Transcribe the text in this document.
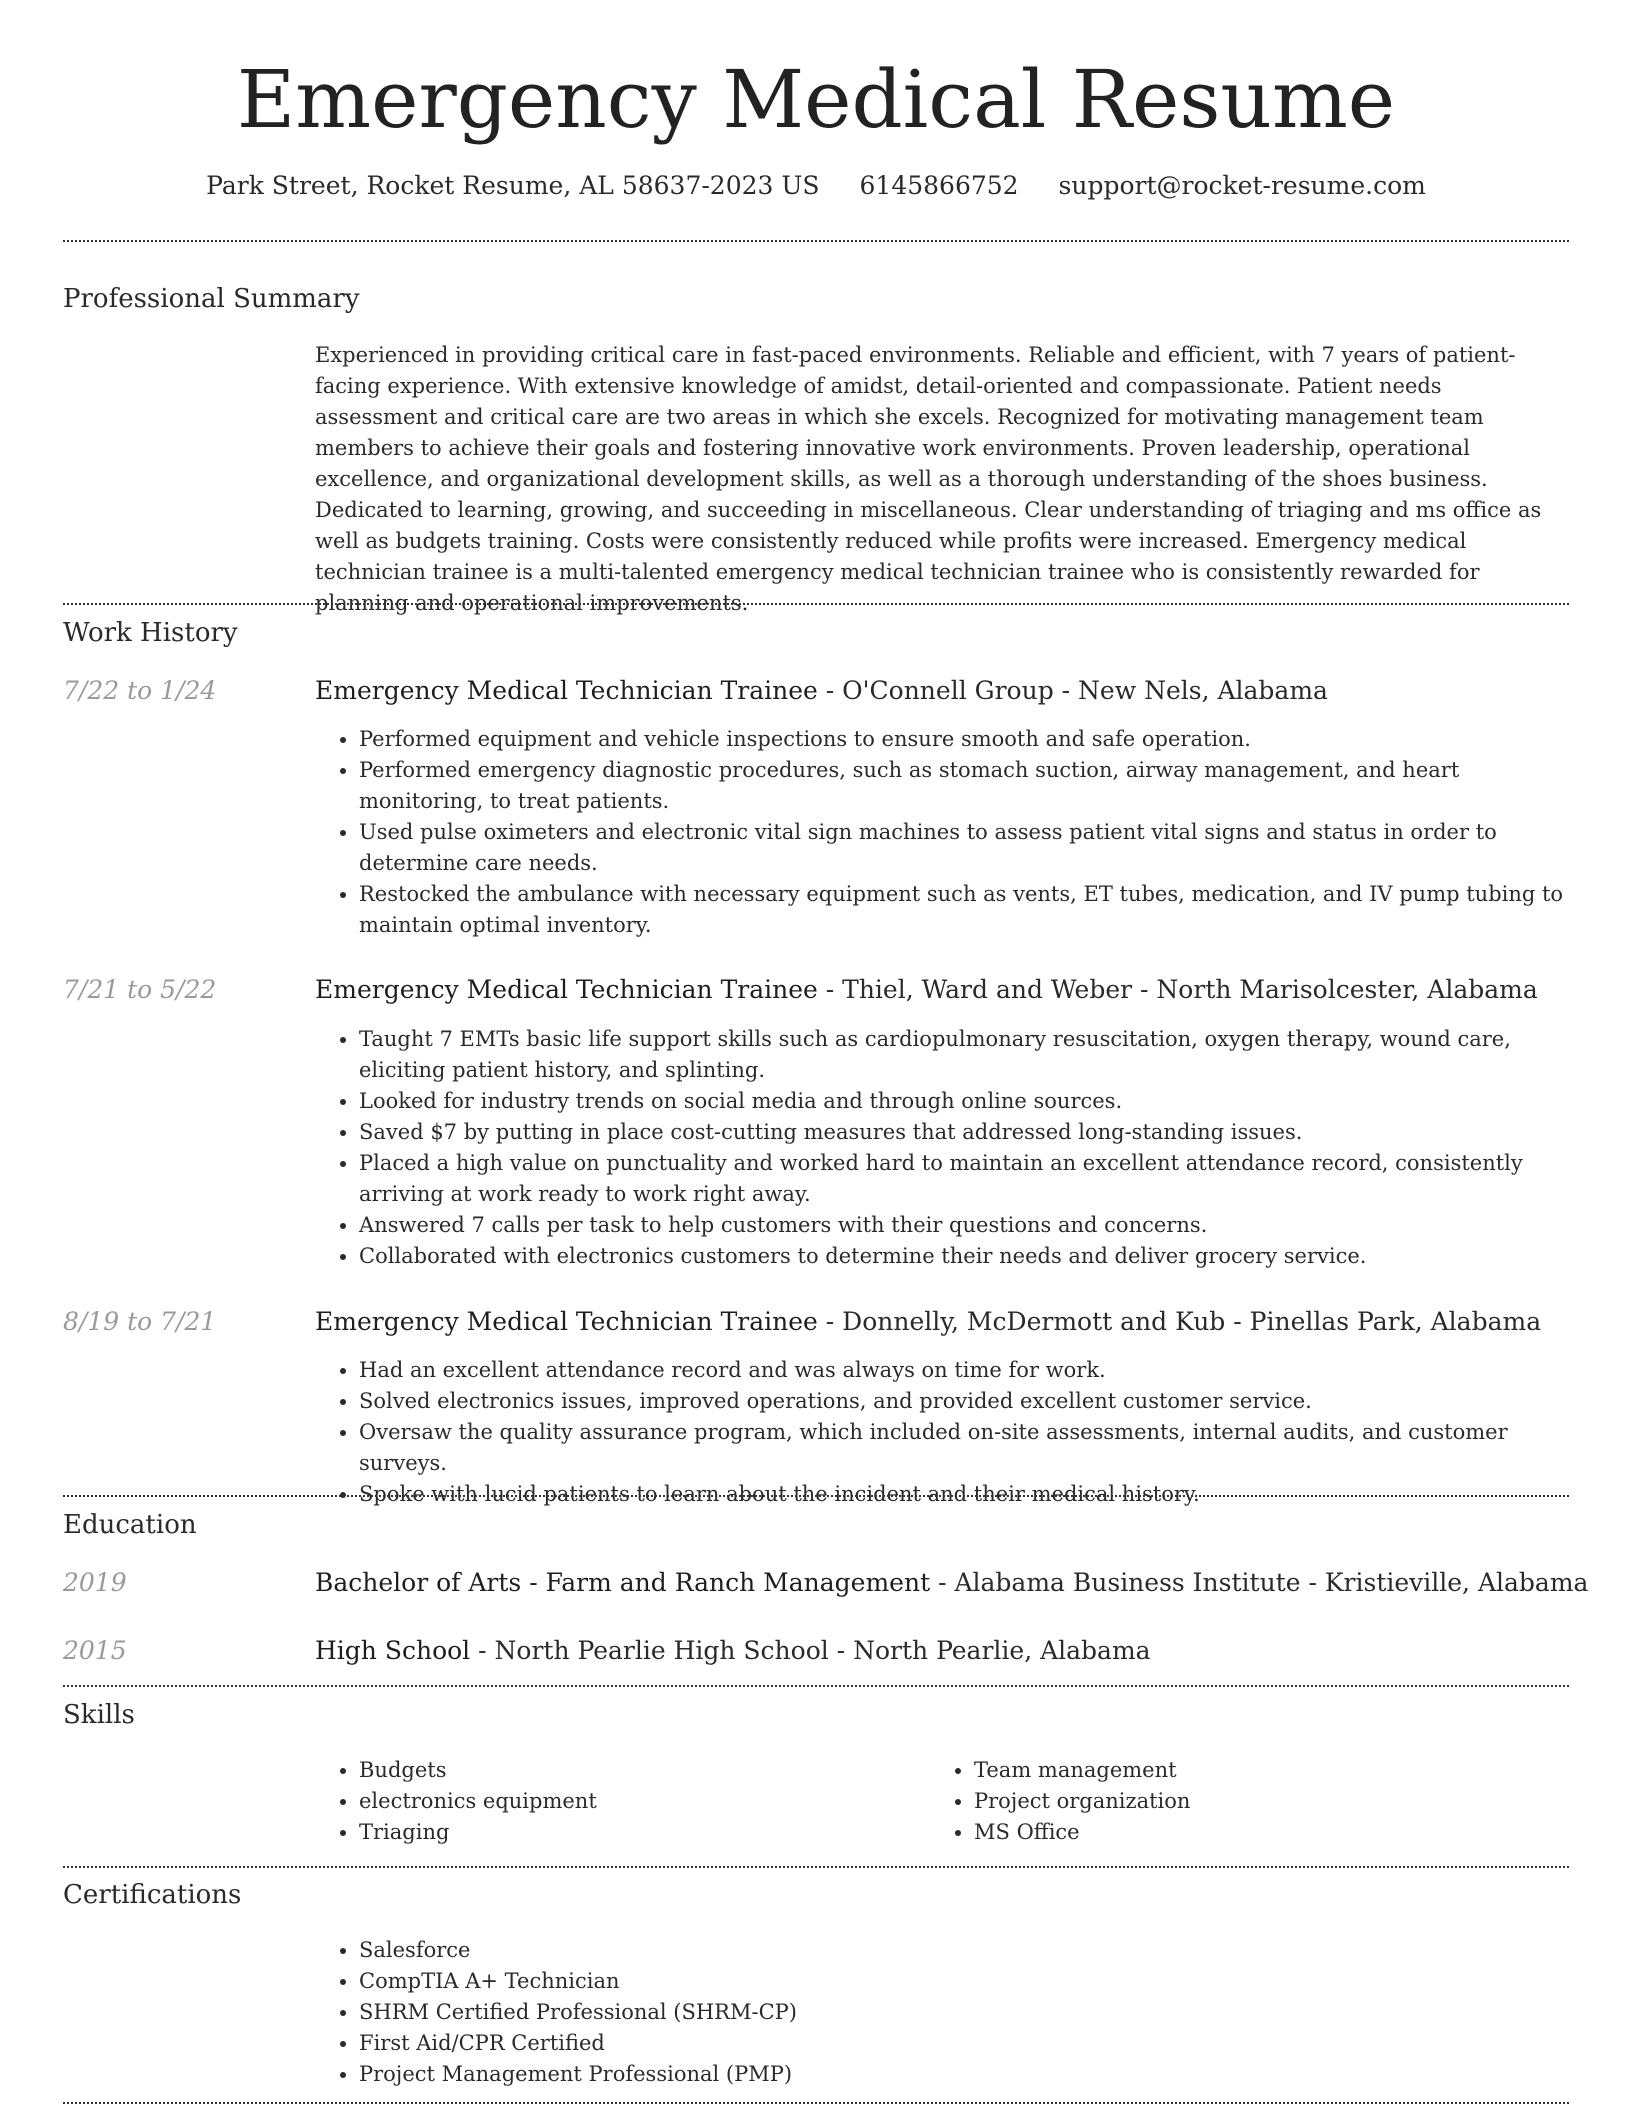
Emergency Medical Resume
Park Street, Rocket Resume, AL 58637-2023 US 6145866752 support@rocket-resume.com
Professional Summary

Experienced in providing critical care in fast-paced environments. Reliable and efficient, with 7 years of patient-facing experience. With extensive knowledge of amidst, detail-oriented and compassionate. Patient needs assessment and critical care are two areas in which she excels. Recognized for motivating management team members to achieve their goals and fostering innovative work environments. Proven leadership, operational excellence, and organizational development skills, as well as a thorough understanding of the shoes business. Dedicated to learning, growing, and succeeding in miscellaneous. Clear understanding of triaging and ms office as well as budgets training. Costs were consistently reduced while profits were increased. Emergency medical technician trainee is a multi-talented emergency medical technician trainee who is consistently rewarded for planning and operational improvements.

Work History
7/22 to 1/24	Emergency Medical Technician Trainee - O'Connell Group - New Nels, Alabama
• Performed equipment and vehicle inspections to ensure smooth and safe operation.
• Performed emergency diagnostic procedures, such as stomach suction, airway management, and heart monitoring, to treat patients.
• Used pulse oximeters and electronic vital sign machines to assess patient vital signs and status in order to determine care needs.
• Restocked the ambulance with necessary equipment such as vents, ET tubes, medication, and IV pump tubing to maintain optimal inventory.
7/21 to 5/22	Emergency Medical Technician Trainee - Thiel, Ward and Weber - North Marisolcester, Alabama
• Taught 7 EMTs basic life support skills such as cardiopulmonary resuscitation, oxygen therapy, wound care, eliciting patient history, and splinting.
• Looked for industry trends on social media and through online sources.
• Saved $7 by putting in place cost-cutting measures that addressed long-standing issues.
• Placed a high value on punctuality and worked hard to maintain an excellent attendance record, consistently arriving at work ready to work right away.
• Answered 7 calls per task to help customers with their questions and concerns.
• Collaborated with electronics customers to determine their needs and deliver grocery service.
8/19 to 7/21	Emergency Medical Technician Trainee - Donnelly, McDermott and Kub - Pinellas Park, Alabama
• Had an excellent attendance record and was always on time for work.
• Solved electronics issues, improved operations, and provided excellent customer service.
• Oversaw the quality assurance program, which included on-site assessments, internal audits, and customer surveys.
• Spoke with lucid patients to learn about the incident and their medical history.
Education
2019	Bachelor of Arts - Farm and Ranch Management - Alabama Business Institute - Kristieville, Alabama
2015	High School - North Pearlie High School - North Pearlie, Alabama
Skills
• Budgets
• electronics equipment
• Triaging
• Team management
• Project organization
• MS Office
Certifications
• Salesforce
• CompTIA A+ Technician
• SHRM Certified Professional (SHRM-CP)
• First Aid/CPR Certified
• Project Management Professional (PMP)
